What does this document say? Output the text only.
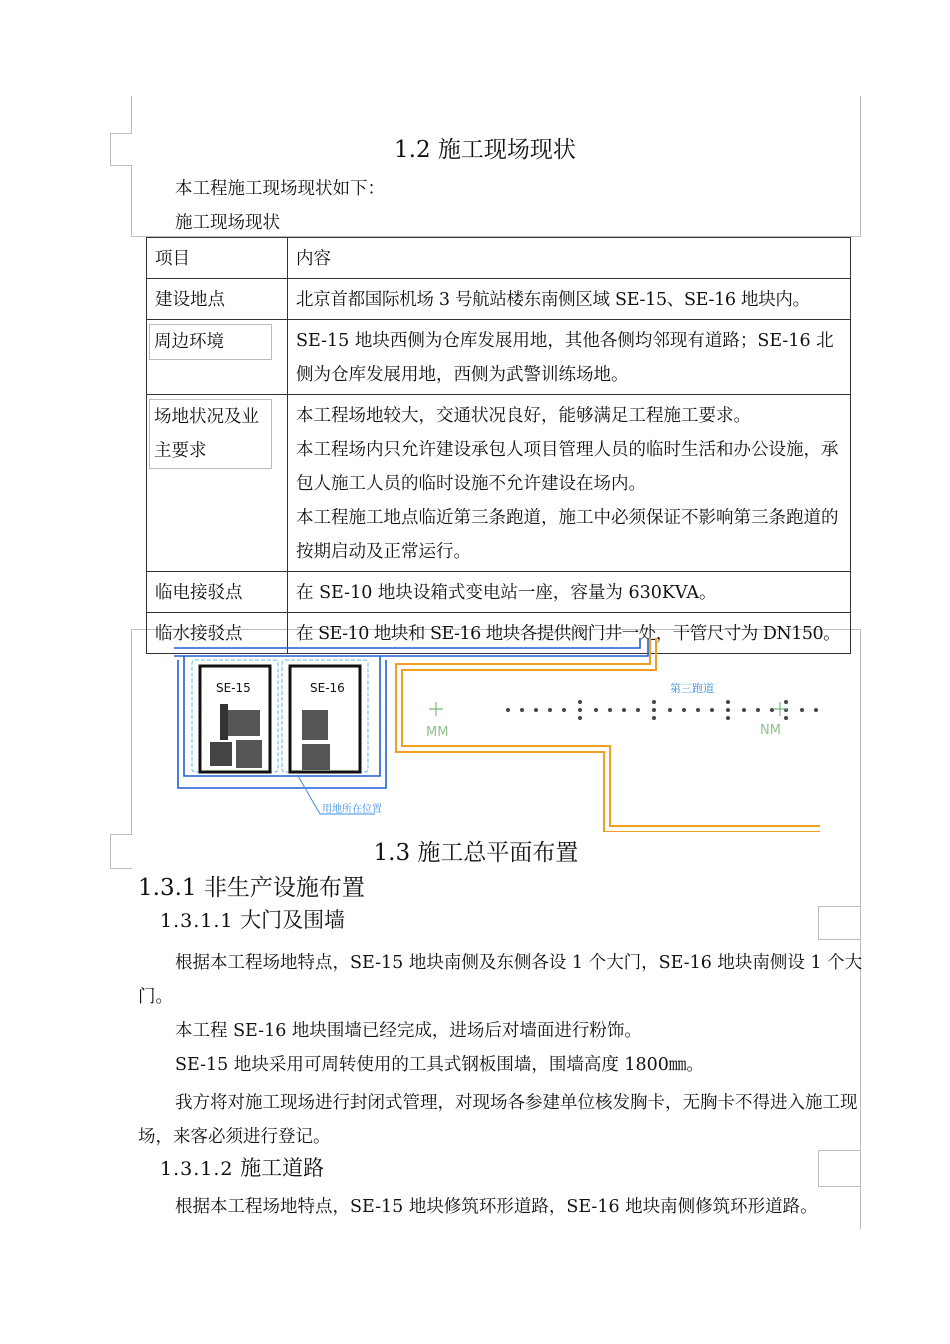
1.2 施工现场现状
本工程施工现场现状如下：
施工现场现状
项目	内容
建设地点	北京首都国际机场 3 号航站楼东南侧区域 SE-15、SE-16 地块内。
周边环境	SE-15 地块西侧为仓库发展用地，其他各侧均邻现有道路；SE-16 北侧为仓库发展用地，西侧为武警训练场地。
场地状况及业主要求	本工程场地较大，交通状况良好，能够满足工程施工要求。
本工程场内只允许建设承包人项目管理人员的临时生活和办公设施，承包人施工人员的临时设施不允许建设在场内。
本工程施工地点临近第三条跑道，施工中必须保证不影响第三条跑道的按期启动及正常运行。

临电接驳点	在 SE-10 地块设箱式变电站一座，容量为 630KVA。
临水接驳点	在 SE-10 地块和 SE-16 地块各提供阀门井一处，干管尺寸为 DN150。
SE-15	SE-16	第三跑道
MM	NM
用地所在位置
1.3 施工总平面布置
1.3.1 非生产设施布置
1.3.1.1 大门及围墙
根据本工程场地特点，SE-15 地块南侧及东侧各设 1 个大门，SE-16 地块南侧设 1 个大门。
本工程 SE-16 地块围墙已经完成，进场后对墙面进行粉饰。
SE-15 地块采用可周转使用的工具式钢板围墙，围墙高度 1800㎜。
我方将对施工现场进行封闭式管理，对现场各参建单位核发胸卡，无胸卡不得进入施工现场，来客必须进行登记。
1.3.1.2 施工道路
根据本工程场地特点，SE-15 地块修筑环形道路，SE-16 地块南侧修筑环形道路。
